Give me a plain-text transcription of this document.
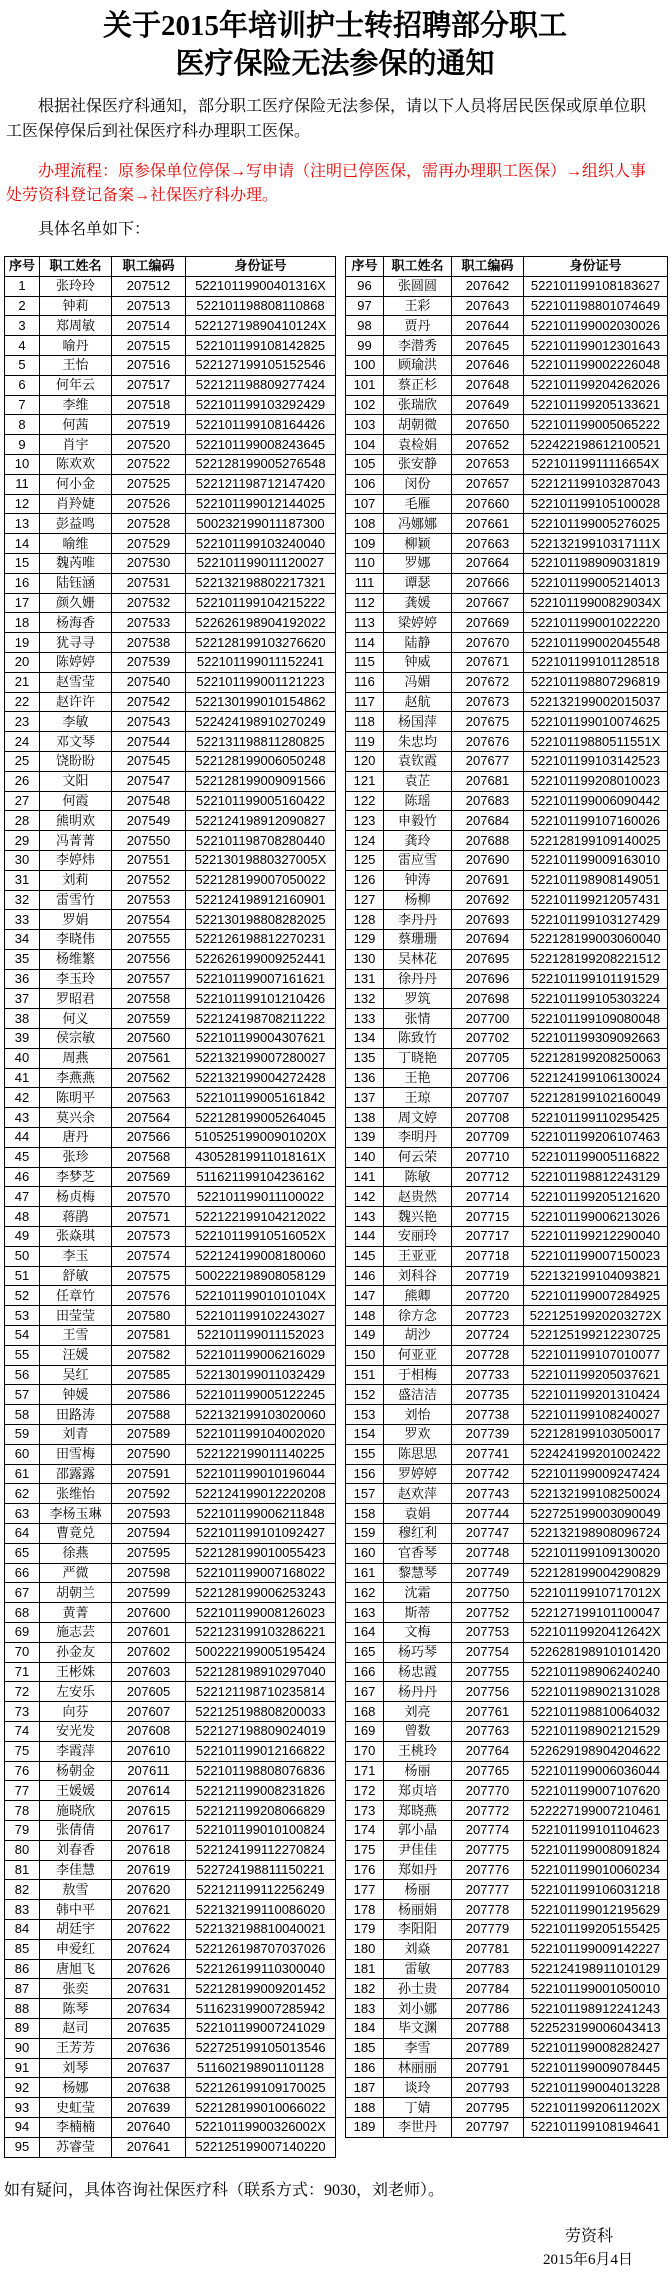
关于2015年培训护士转招聘部分职工
医疗保险无法参保的通知

根据社保医疗科通知，部分职工医疗保险无法参保，请以下人员将居民医保或原单位职工医保停保后到社保医疗科办理职工医保。

办理流程：原参保单位停保→写申请（注明已停医保，需再办理职工医保）→组织人事处劳资科登记备案→社保医疗科办理。

具体名单如下：

序号	职工姓名	职工编码	身份证号
1	张玲玲	207512	52210119900401316X
2	钟莉	207513	522101198808110868
3	郑周敏	207514	52212719890410124X
4	喻丹	207515	522101199108142825
5	王怡	207516	522127199105152546
6	何年云	207517	522121198809277424
7	李维	207518	522101199103292429
8	何茜	207519	522101199108164426
9	肖宇	207520	522101199008243645
10	陈欢欢	207522	522128199005276548
11	何小金	207525	522121198712147420
12	肖羚婕	207526	522101199012144025
13	彭益鸣	207528	500232199011187300
14	喻维	207529	522101199103240040
15	魏芮唯	207530	522101199011120027
16	陆钰涵	207531	522132198802217321
17	颜久姗	207532	522101199104215222
18	杨海香	207533	522626198904192022
19	犹寻寻	207538	522128199103276620
20	陈婷婷	207539	522101199011152241
21	赵雪莹	207540	522101199001121223
22	赵许许	207542	522130199010154862
23	李敏	207543	522424198910270249
24	邓文琴	207544	522131198811280825
25	饶盼盼	207545	522128199006050248
26	文阳	207547	522128199009091566
27	何霞	207548	522101199005160422
28	熊明欢	207549	522124198912090827
29	冯菁菁	207550	522101198708280440
30	李婷炜	207551	52213019880327005X
31	刘莉	207552	522128199007050022
32	雷雪竹	207553	522124198912160901
33	罗娟	207554	522130198808282025
34	李晓伟	207555	522126198812270231
35	杨维繁	207556	522626199009252441
36	李玉玲	207557	522101199007161621
37	罗昭君	207558	522101199101210426
38	何义	207559	522124198708211222
39	侯宗敏	207560	522101199004307621
40	周燕	207561	522132199007280027
41	李燕燕	207562	522132199004272428
42	陈明平	207563	522101199005161842
43	莫兴余	207564	522128199005264045
44	唐丹	207566	51052519900901020X
45	张珍	207568	43052819911018161X
46	李梦芝	207569	511621199104236162
47	杨贞梅	207570	522101199011100022
48	蒋鹃	207571	522122199104212022
49	张焱琪	207573	52210119910516052X
50	李玉	207574	522124199008180060
51	舒敏	207575	500222198908058129
52	任章竹	207576	52210119901010104X
53	田莹莹	207580	522101199102243027
54	王雪	207581	522101199011152023
55	汪媛	207582	522101199006216029
56	吴红	207585	522130199011032429
57	钟媛	207586	522101199005122245
58	田路涛	207588	522132199103020060
59	刘青	207589	522101199104002020
60	田雪梅	207590	522122199011140225
61	邵露露	207591	522101199010196044
62	张维怡	207592	522124199012220208
63	李杨玉琳	207593	522101199006211848
64	曹竟兑	207594	522101199101092427
65	徐燕	207595	522128199010055423
66	严微	207598	522101199007168022
67	胡朝兰	207599	522128199006253243
68	黄菁	207600	522101199008126023
69	施志芸	207601	522123199103286221
70	孙金友	207602	500222199005195424
71	王彬姝	207603	522128198910297040
72	左安乐	207605	522121198710235814
73	向芬	207607	522125198808200033
74	安光发	207608	522127198809024019
75	李霞萍	207610	522101199012166822
76	杨朝金	207611	522101198808076836
77	王媛媛	207614	522121199008231826
78	施晓欣	207615	522121199208066829
79	张倩倩	207617	522101199010100824
80	刘春香	207618	522124199112270824
81	李佳慧	207619	522724198811150221
82	敖雪	207620	522121199112256249
83	韩中平	207621	522132199110086020
84	胡廷宇	207622	522132198810040021
85	申爱红	207624	522126198707037026
86	唐旭飞	207626	522126199110300040
87	张奕	207631	522128199009201452
88	陈琴	207634	511623199007285942
89	赵司	207635	522101199007241029
90	王芳芳	207636	522725199105013546
91	刘琴	207637	511602198901101128
92	杨娜	207638	522126199109170025
93	史虹莹	207639	522128199010066022
94	李楠楠	207640	52210119900326002X
95	苏睿莹	207641	522125199007140220
序号	职工姓名	职工编码	身份证号
96	张圆圆	207642	522101199108183627
97	王彩	207643	522101198801074649
98	贾丹	207644	522101199002030026
99	李潜秀	207645	522101199012301643
100	顾瑜洪	207646	522101199002226048
101	蔡正杉	207648	522101199204262026
102	张瑞欣	207649	522101199205133621
103	胡朝微	207650	522101199005065222
104	袁检娟	207652	522422198612100521
105	张安静	207653	52210119911116654X
106	闵份	207657	522121199103287043
107	毛雁	207660	522101199105100028
108	冯娜娜	207661	522101199005276025
109	柳颖	207663	52213219910317111X
110	罗娜	207664	522101198909031819
111	谭瑟	207666	522101199005214013
112	龚媛	207667	52210119900829034X
113	梁婷婷	207669	522101199001022220
114	陆静	207670	522101199002045548
115	钟威	207671	522101199101128518
116	冯媚	207672	522101198807296819
117	赵航	207673	522132199002015037
118	杨国萍	207675	522101199010074625
119	朱忠均	207676	52210119880511551X
120	袁钦霞	207677	522101199103142523
121	袁芷	207681	522101199208010023
122	陈瑶	207683	522101199006090442
123	申毅竹	207684	522101199107160026
124	龚玲	207688	522128199109140025
125	雷应雪	207690	522101199009163010
126	钟涛	207691	522101198908149051
127	杨柳	207692	522101199212057431
128	李丹丹	207693	522101199103127429
129	蔡珊珊	207694	522128199003060040
130	吴林花	207695	522128199208221512
131	徐丹丹	207696	522101199101191529
132	罗筑	207698	522101199105303224
133	张情	207700	522101199109080048
134	陈致竹	207702	522101199309092663
135	丁晓艳	207705	522128199208250063
136	王艳	207706	522124199106130024
137	王琼	207707	522128199102160049
138	周文婷	207708	522101199110295425
139	李明丹	207709	522101199206107463
140	何云荣	207710	522101199005116822
141	陈敏	207712	522101198812243129
142	赵贵然	207714	522101199205121620
143	魏兴艳	207715	522101199006213026
144	安丽玲	207717	522101199212290040
145	王亚亚	207718	522101199007150023
146	刘科谷	207719	522132199104093821
147	熊卿	207720	522101199007284925
148	徐方念	207723	52212519920203272X
149	胡沙	207724	522125199212230725
150	何亚亚	207728	522101199107010077
151	于相梅	207733	522101199205037621
152	盛洁洁	207735	522101199201310424
153	刘怡	207738	522101199108240027
154	罗欢	207739	522128199103050017
155	陈思思	207741	522424199201002422
156	罗婷婷	207742	522101199009247424
157	赵欢萍	207743	522132199108250024
158	袁娟	207744	522725199003090049
159	穆红利	207747	522132198908096724
160	官香琴	207748	522101199109130020
161	黎慧琴	207749	522128199004290829
162	沈霜	207750	52210119910717012X
163	斯蒂	207752	522127199101100047
164	文梅	207753	52210119920412642X
165	杨巧琴	207754	522628198910101420
166	杨忠霞	207755	522101198906240240
167	杨丹丹	207756	522101198902131028
168	刘亮	207761	522101198810064032
169	曾数	207763	522101198902121529
170	王桃玲	207764	522629198904204622
171	杨丽	207765	522101199006036044
172	郑贞培	207770	522101199007107620
173	郑晓燕	207772	522227199007210461
174	郭小晶	207774	522101199101104623
175	尹佳佳	207775	522101199008091824
176	郑如丹	207776	522101199010060234
177	杨丽	207777	522101199106031218
178	杨丽娟	207778	522101199012195629
179	李阳阳	207779	522101199205155425
180	刘焱	207781	522101199009142227
181	雷敏	207783	522124198911010129
182	孙士贵	207784	522101199001050010
183	刘小娜	207786	522101198912241243
184	毕文渊	207788	522523199006043413
185	李雪	207789	522101199008282427
186	林丽丽	207791	522101199009078445
187	谈玲	207793	522101199004013228
188	丁婧	207795	52210119920611202X
189	李世丹	207797	522101199108194641
如有疑问，具体咨询社保医疗科（联系方式：9030，刘老师）。
劳资科
2015年6月4日
